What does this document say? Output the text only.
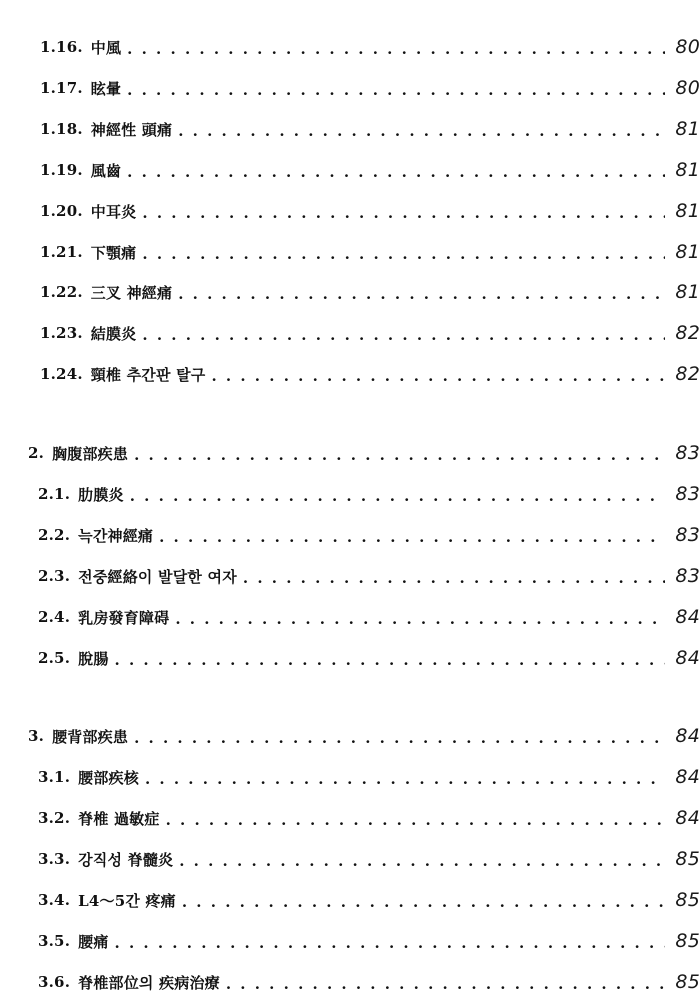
1.16. 中風 . . .	80
1.17. 眩暈 . . .	80
1.18. 神經性 頭痛 . . .	81
1.19. 風齒 . . .	81
1.20. 中耳炎 . . .	81
1.21. 下顎痛 . . .	81
1.22. 三叉 神經痛 . . .	81
1.23. 結膜炎 . . .	82
1.24. 頸椎 추간판 탈구 . . .	82
2. 胸腹部疾患 . . .	83
2.1. 肋膜炎 . . .	83
2.2. 늑간神經痛 . . .	83
2.3. 전중經絡이 발달한 여자 . . .	83
2.4. 乳房發育障碍 . . .	84
2.5. 脫腸 . . .	84
3. 腰背部疾患 . . .	84
3.1. 腰部疾核 . . .	84
3.2. 脊椎 過敏症 . . .	84
3.3. 강직성 脊髓炎 . . .	85
3.4. L4～5간 疼痛 . . .	85
3.5. 腰痛 . . .	85
3.6. 脊椎部位의 疾病治療 . . .	85
